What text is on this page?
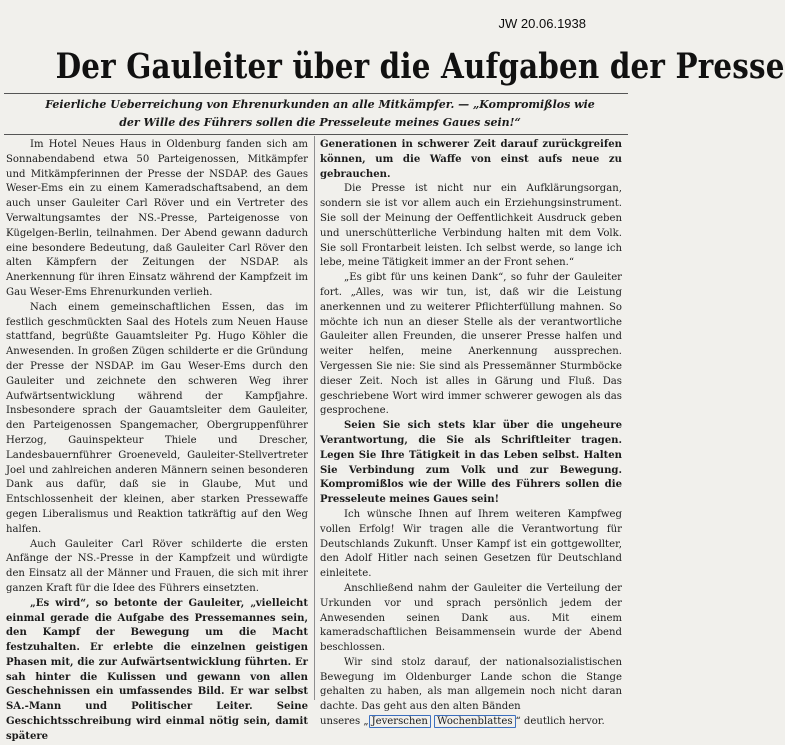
JW 20.06.1938
Der Gauleiter über die Aufgaben der Presse
Feierliche Ueberreichung von Ehrenurkunden an alle Mitkämpfer. — „Kompromißlos wie
der Wille des Führers sollen die Presseleute meines Gaues sein!“

Im Hotel Neues Haus in Oldenburg fanden sich am Sonnabendabend etwa 50 Parteigenossen, Mitkämpfer und Mitkämpferinnen der Presse der NSDAP. des Gaues Weser-Ems ein zu einem Kameradschaftsabend, an dem auch unser Gauleiter Carl Röver und ein Vertreter des Verwaltungsamtes der NS.-Presse, Parteigenosse von Kügelgen-Berlin, teilnahmen. Der Abend gewann dadurch eine besondere Bedeutung, daß Gauleiter Carl Röver den alten Kämpfern der Zeitungen der NSDAP. als Anerkennung für ihren Einsatz während der Kampfzeit im Gau Weser-Ems Ehrenurkunden verlieh.

Nach einem gemeinschaftlichen Essen, das im festlich geschmückten Saal des Hotels zum Neuen Hause stattfand, begrüßte Gauamtsleiter Pg. Hugo Köhler die Anwesenden. In großen Zügen schilderte er die Gründung der Presse der NSDAP. im Gau Weser-Ems durch den Gauleiter und zeichnete den schweren Weg ihrer Aufwärtsentwicklung während der Kampfjahre. Insbesondere sprach der Gauamtsleiter dem Gauleiter, den Parteigenossen Spangemacher, Obergruppenführer Herzog, Gauinspekteur Thiele und Drescher, Landesbauernführer Groeneveld, Gauleiter-Stellvertreter Joel und zahlreichen anderen Männern seinen besonderen Dank aus dafür, daß sie in Glaube, Mut und Entschlossenheit der kleinen, aber starken Pressewaffe gegen Liberalismus und Reaktion tatkräftig auf den Weg halfen.

Auch Gauleiter Carl Röver schilderte die ersten Anfänge der NS.-Presse in der Kampfzeit und würdigte den Einsatz all der Männer und Frauen, die sich mit ihrer ganzen Kraft für die Idee des Führers einsetzten.

„Es wird“, so betonte der Gauleiter, „vielleicht einmal gerade die Aufgabe des Pressemannes sein, den Kampf der Bewegung um die Macht festzuhalten. Er erlebte die einzelnen geistigen Phasen mit, die zur Aufwärtsentwicklung führten. Er sah hinter die Kulissen und gewann von allen Geschehnissen ein umfassendes Bild. Er war selbst SA.-Mann und Politischer Leiter. Seine Geschichtsschreibung wird einmal nötig sein, damit spätere

Generationen in schwerer Zeit darauf zurückgreifen können, um die Waffe von einst aufs neue zu gebrauchen.

Die Presse ist nicht nur ein Aufklärungsorgan, sondern sie ist vor allem auch ein Erziehungsinstrument. Sie soll der Meinung der Oeffentlichkeit Ausdruck geben und unerschütterliche Verbindung halten mit dem Volk. Sie soll Frontarbeit leisten. Ich selbst werde, so lange ich lebe, meine Tätigkeit immer an der Front sehen.“

„Es gibt für uns keinen Dank“, so fuhr der Gauleiter fort. „Alles, was wir tun, ist, daß wir die Leistung anerkennen und zu weiterer Pflichterfüllung mahnen. So möchte ich nun an dieser Stelle als der verantwortliche Gauleiter allen Freunden, die unserer Presse halfen und weiter helfen, meine Anerkennung aussprechen. Vergessen Sie nie: Sie sind als Pressemänner Sturmböcke dieser Zeit. Noch ist alles in Gärung und Fluß. Das geschriebene Wort wird immer schwerer gewogen als das gesprochene.

Seien Sie sich stets klar über die ungeheure Verantwortung, die Sie als Schriftleiter tragen. Legen Sie Ihre Tätigkeit in das Leben selbst. Halten Sie Verbindung zum Volk und zur Bewegung. Kompromißlos wie der Wille des Führers sollen die Presseleute meines Gaues sein!

Ich wünsche Ihnen auf Ihrem weiteren Kampfweg vollen Erfolg! Wir tragen alle die Verantwortung für Deutschlands Zukunft. Unser Kampf ist ein gottgewollter, den Adolf Hitler nach seinen Gesetzen für Deutschland einleitete.

Anschließend nahm der Gauleiter die Verteilung der Urkunden vor und sprach persönlich jedem der Anwesenden seinen Dank aus. Mit einem kameradschaftlichen Beisammensein wurde der Abend beschlossen.

Wir sind stolz darauf, der nationalsozialistischen Bewegung im Oldenburger Lande schon die Stange gehalten zu haben, als man allgemein noch nicht daran dachte. Das geht aus den alten Bänden

unseres „ Jeverschen Wochenblattes “ deutlich hervor.
